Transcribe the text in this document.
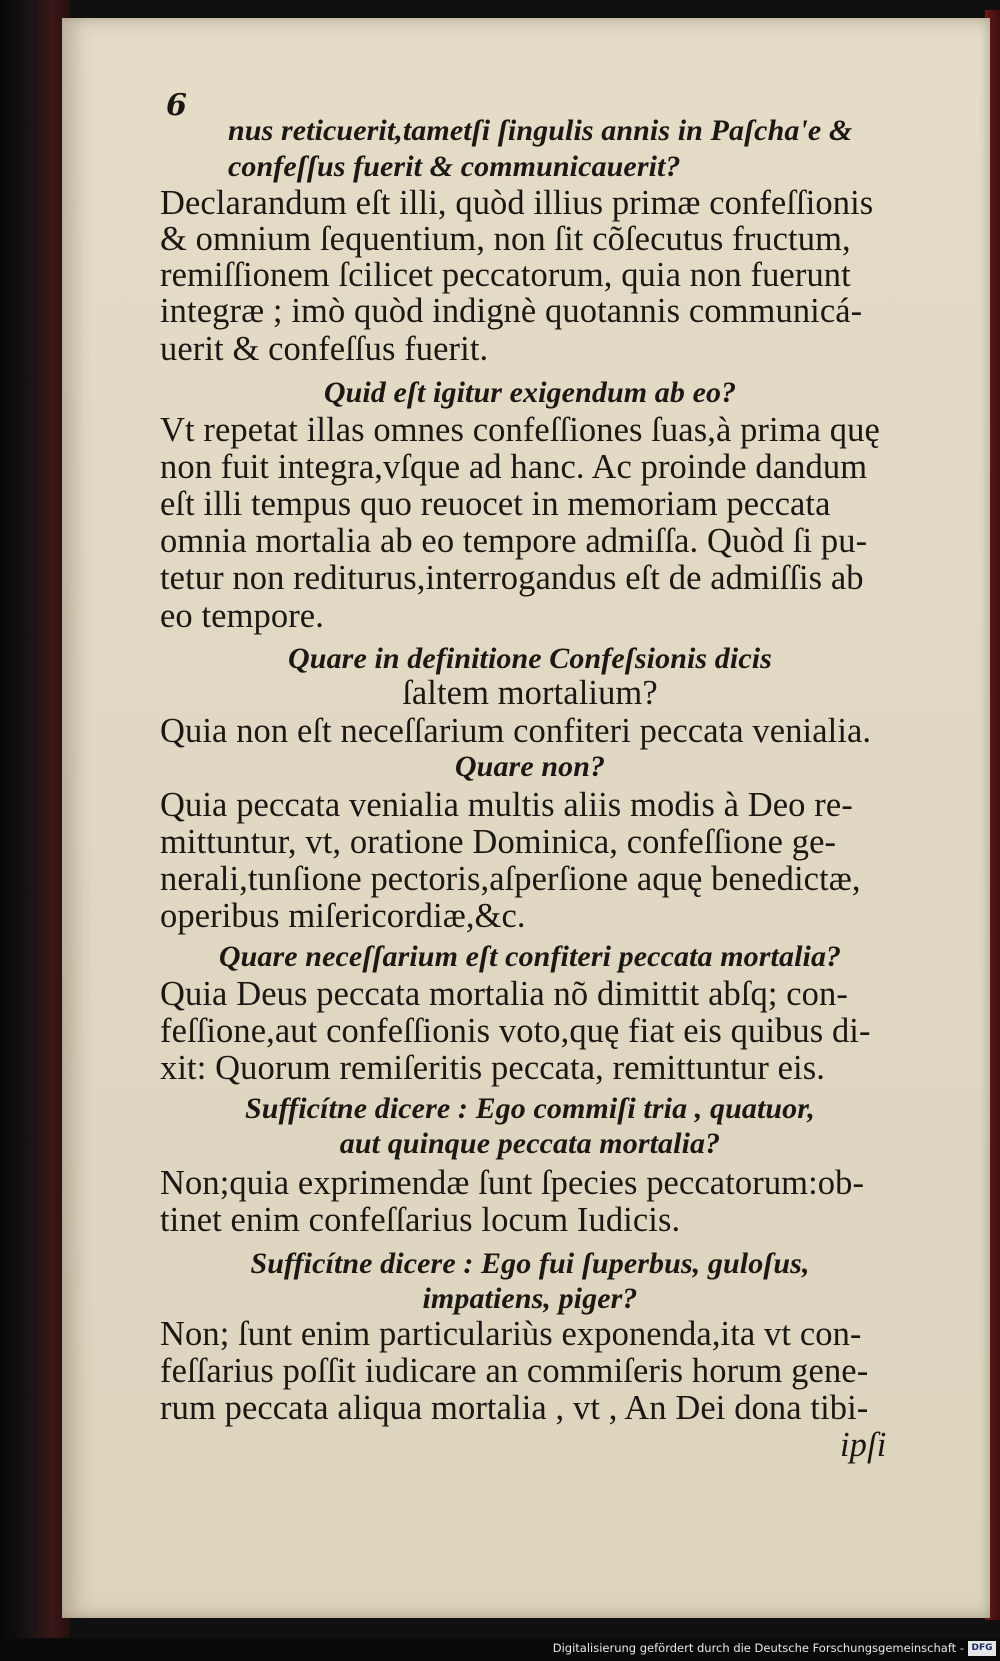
6
nus reticuerit,tametſi ſingulis annis in Paſcha'e &
confeſſus fuerit & communicauerit?
Declarandum eſt illi, quòd illius primæ confeſſionis
& omnium ſequentium, non ſit cõſecutus fructum,
remiſſionem ſcilicet peccatorum, quia non fuerunt
integræ ; imò quòd indignè quotannis communicá-
uerit & confeſſus fuerit.
Quid eſt igitur exigendum ab eo?
Vt repetat illas omnes confeſſiones ſuas,à prima quę
non fuit integra,vſque ad hanc. Ac proinde dandum
eſt illi tempus quo reuocet in memoriam peccata
omnia mortalia ab eo tempore admiſſa. Quòd ſi pu-
tetur non rediturus,interrogandus eſt de admiſſis ab
eo tempore.
Quare in definitione Confeſsionis dicis
ſaltem mortalium?
Quia non eſt neceſſarium confiteri peccata venialia.
Quare non?
Quia peccata venialia multis aliis modis à Deo re-
mittuntur, vt, oratione Dominica, confeſſione ge-
nerali,tunſione pectoris,aſperſione aquę benedictæ,
operibus miſericordiæ,&c.
Quare neceſſarium eſt confiteri peccata mortalia?
Quia Deus peccata mortalia nõ dimittit abſq; con-
feſſione,aut confeſſionis voto,quę fiat eis quibus di-
xit: Quorum remiſeritis peccata, remittuntur eis.
Sufficítne dicere : Ego commiſi tria , quatuor,
aut quinque peccata mortalia?
Non;quia exprimendæ ſunt ſpecies peccatorum:ob-
tinet enim confeſſarius locum Iudicis.
Sufficítne dicere : Ego fui ſuperbus, guloſus,
impatiens, piger?
Non; ſunt enim particulariùs exponenda,ita vt con-
feſſarius poſſit iudicare an commiſeris horum gene-
rum peccata aliqua mortalia , vt , An Dei dona tibi-
ipſi
Digitalisierung gefördert durch die Deutsche Forschungsgemeinschaft - DFG
